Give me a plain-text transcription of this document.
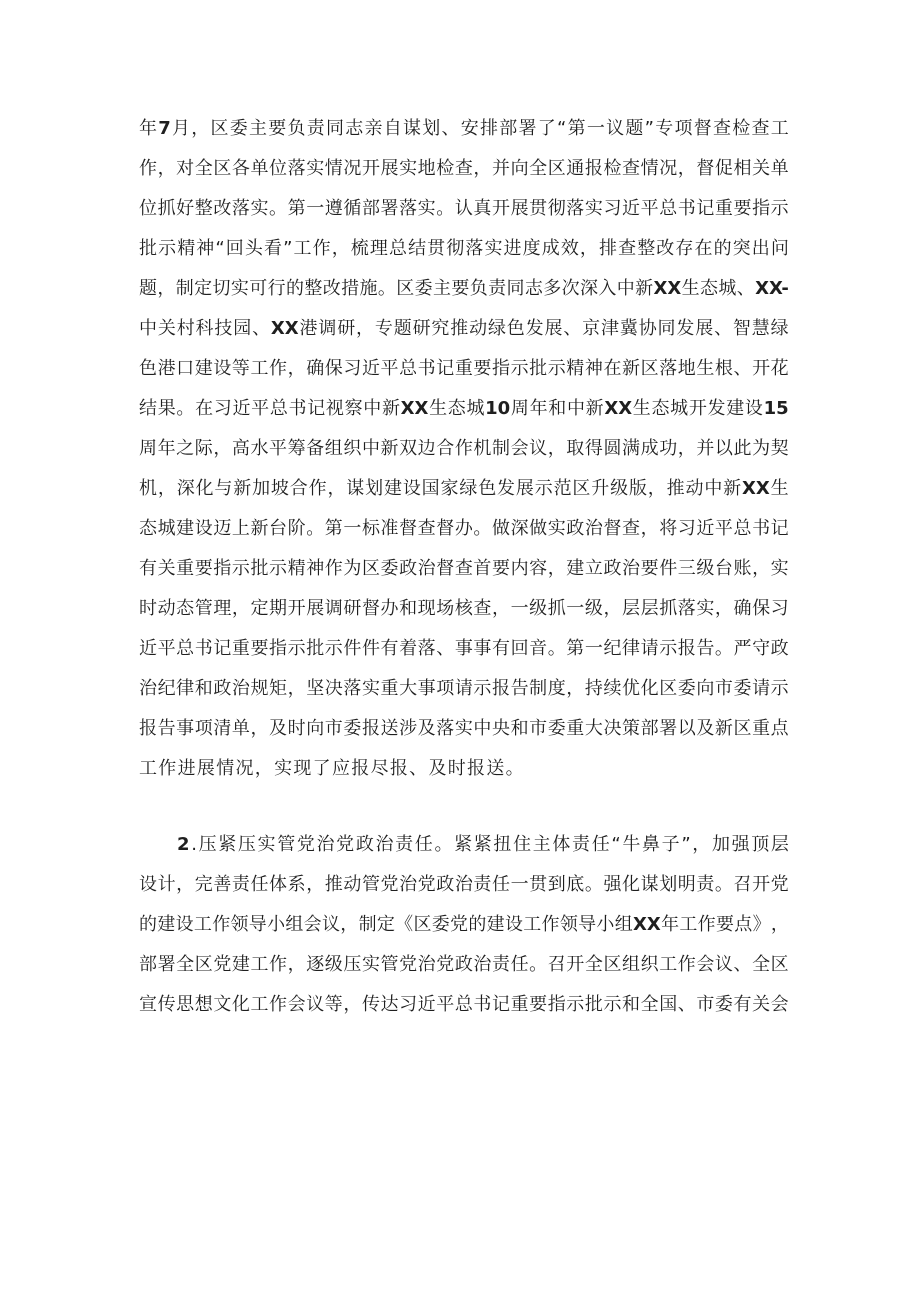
年 7 月 ， 区 委 主 要 负 责 同 志 亲 自 谋 划 、 安 排 部 署 了 “ 第 一 议 题 ” 专 项 督 查 检 查 工
作 ， 对 全 区 各 单 位 落 实 情 况 开 展 实 地 检 查 ， 并 向 全 区 通 报 检 查 情 况 ， 督 促 相 关 单
位 抓 好 整 改 落 实 。 第 一 遵 循 部 署 落 实 。 认 真 开 展 贯 彻 落 实 习 近 平 总 书 记 重 要 指 示
批 示 精 神 “ 回 头 看 ” 工 作 ， 梳 理 总 结 贯 彻 落 实 进 度 成 效 ， 排 查 整 改 存 在 的 突 出 问
题 ， 制 定 切 实 可 行 的 整 改 措 施 。 区 委 主 要 负 责 同 志 多 次 深 入 中 新 XX 生 态 城 、 XX-
中 关 村 科 技 园 、 XX 港 调 研 ， 专 题 研 究 推 动 绿 色 发 展 、 京 津 冀 协 同 发 展 、 智 慧 绿
色 港 口 建 设 等 工 作 ， 确 保 习 近 平 总 书 记 重 要 指 示 批 示 精 神 在 新 区 落 地 生 根 、 开 花
结 果 。 在 习 近 平 总 书 记 视 察 中 新 XX 生 态 城 10 周 年 和 中 新 XX 生 态 城 开 发 建 设 15
周 年 之 际 ， 高 水 平 筹 备 组 织 中 新 双 边 合 作 机 制 会 议 ， 取 得 圆 满 成 功 ， 并 以 此 为 契
机 ， 深 化 与 新 加 坡 合 作 ， 谋 划 建 设 国 家 绿 色 发 展 示 范 区 升 级 版 ， 推 动 中 新 XX 生
态 城 建 设 迈 上 新 台 阶 。 第 一 标 准 督 查 督 办 。 做 深 做 实 政 治 督 查 ， 将 习 近 平 总 书 记
有 关 重 要 指 示 批 示 精 神 作 为 区 委 政 治 督 查 首 要 内 容 ， 建 立 政 治 要 件 三 级 台 账 ， 实
时 动 态 管 理 ， 定 期 开 展 调 研 督 办 和 现 场 核 查 ， 一 级 抓 一 级 ， 层 层 抓 落 实 ， 确 保 习
近 平 总 书 记 重 要 指 示 批 示 件 件 有 着 落 、 事 事 有 回 音 。 第 一 纪 律 请 示 报 告 。 严 守 政
治 纪 律 和 政 治 规 矩 ， 坚 决 落 实 重 大 事 项 请 示 报 告 制 度 ， 持 续 优 化 区 委 向 市 委 请 示
报 告 事 项 清 单 ， 及 时 向 市 委 报 送 涉 及 落 实 中 央 和 市 委 重 大 决 策 部 署 以 及 新 区 重 点
工 作 进 展 情 况 ， 实 现 了 应 报 尽 报 、 及 时 报 送 。
2 . 压 紧 压 实 管 党 治 党 政 治 责 任 。 紧 紧 扭 住 主 体 责 任 “ 牛 鼻 子 ” ， 加 强 顶 层
设 计 ， 完 善 责 任 体 系 ， 推 动 管 党 治 党 政 治 责 任 一 贯 到 底 。 强 化 谋 划 明 责 。 召 开 党
的 建 设 工 作 领 导 小 组 会 议 ， 制 定 《 区 委 党 的 建 设 工 作 领 导 小 组 XX 年 工 作 要 点 》 ，
部 署 全 区 党 建 工 作 ， 逐 级 压 实 管 党 治 党 政 治 责 任 。 召 开 全 区 组 织 工 作 会 议 、 全 区
宣 传 思 想 文 化 工 作 会 议 等 ， 传 达 习 近 平 总 书 记 重 要 指 示 批 示 和 全 国 、 市 委 有 关 会
